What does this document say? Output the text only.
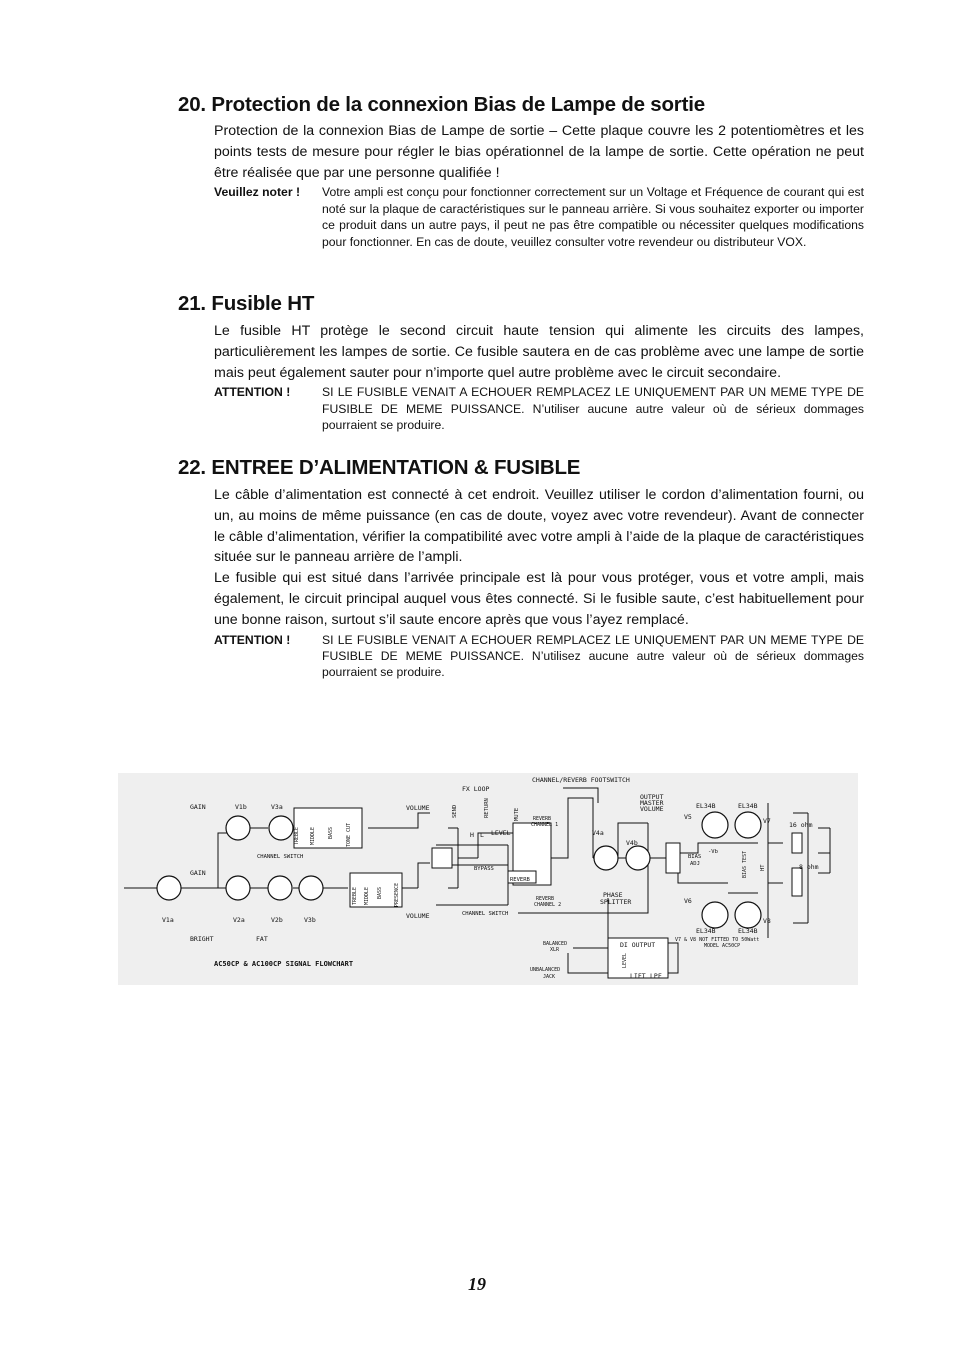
20. Protection de la connexion Bias de Lampe de sortie

Protection de la connexion Bias de Lampe de sortie – Cette plaque couvre les 2 potentiomètres et les points tests de mesure pour régler le bias opérationnel de la lampe de sortie. Cette opération ne peut être réalisée que par une personne qualifiée !

Veuillez noter !	Votre ampli est conçu pour fonctionner correctement sur un Voltage et Fréquence de courant qui est noté sur la plaque de caractéristiques sur le panneau arrière. Si vous souhaitez exporter ou importer ce produit dans un autre pays, il peut ne pas être compatible ou nécessiter quelques modifications pour fonctionner. En cas de doute, veuillez consulter votre revendeur ou distributeur VOX.
21. Fusible HT

Le fusible HT protège le second circuit haute tension qui alimente les circuits des lampes, particulièrement les lampes de sortie. Ce fusible sautera en de cas problème avec une lampe de sortie mais peut également sauter pour n’importe quel autre problème avec le circuit secondaire.

ATTENTION !	SI LE FUSIBLE VENAIT A ECHOUER REMPLACEZ LE UNIQUEMENT PAR UN MEME TYPE DE FUSIBLE DE MEME PUISSANCE. N’utiliser aucune autre valeur où de sérieux dommages pourraient se produire.
22. ENTREE D’ALIMENTATION & FUSIBLE

Le câble d’alimentation est connecté à cet endroit. Veuillez utiliser le cordon d’alimentation fourni, ou un, au moins de même puissance (en cas de doute, voyez avec votre revendeur). Avant de connecter le câble d’alimentation, vérifier la compatibilité avec votre ampli à l’aide de la plaque de caractéristiques située sur le panneau arrière de l’ampli.

Le fusible qui est situé dans l’arrivée principale est là pour vous protéger, vous et votre ampli, mais également, le circuit principal auquel vous êtes connecté. Si le fusible saute, c’est habituellement pour une bonne raison, surtout s’il saute encore après que vous l’ayez remplacé.

ATTENTION !	SI LE FUSIBLE VENAIT A ECHOUER REMPLACEZ LE UNIQUEMENT PAR UN MEME TYPE DE FUSIBLE DE MEME PUISSANCE. N’utilisez aucune autre valeur où de sérieux dommages pourraient se produire.
GAIN
GAIN
V1b	V3a
V1a	V2a	V2b	V3b
BRIGHT	FAT
CHANNEL SWITCH
CHANNEL SWITCH
VOLUME
VOLUME
FX LOOP
SEND	RETURN	MUTE
H L LEVEL
BYPASS
REVERB
CHANNEL 1
REVERB
REVERB
CHANNEL 2
CHANNEL/REVERB FOOTSWITCH
OUTPUT
MASTER
VOLUME
V4a
V4b
PHASE
SPLITTER
EL34B	EL34B
EL34B	EL34B
V5
V6
V7
V8
BIAS
ADJ
-Vb	BIAS TEST HT
16 ohm
8 ohm
V7 & V8 NOT FITTED TO 50Watt
MODEL AC50CP
BALANCED
XLR
UNBALANCED
JACK
DI OUTPUT
LIFT LPF
LEVEL
TREBLE MIDDLE BASS TONE CUT
TREBLE MIDDLE BASS PRESENCE
AC50CP & AC100CP SIGNAL FLOWCHART
19
